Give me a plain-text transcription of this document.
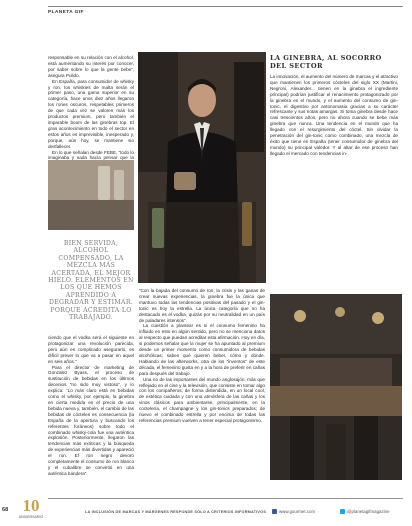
PLANETA GIF

responsable en su relación con el alcohol, está aumentando su interés por conocer, por saber sobre lo que la gente bebe”, asegura Pulido.

En España, para consumidor de whisky y ron, los whiskies de malta serán el primer paso, una gama superior en su categoría, hace unos diez años llegaron los rones oscuros, respetables primeros de que cada vez se valoren más los productos premium, pero también el imparable boom de las ginebras top. El gran acontecimiento en todo el sector en estos años es imprevisible, inesperado y, porque, aún hoy, se mantiene sin desfallecer.

En lo que señalan desde FEBE, “todo lo imaginaba y nada hacía pensar que la

BIEN SERVIDA, ALCOHOL COMPENSADO, LA MEZCLA MÁS ACERTADA, EL MEJOR HIELO. ELEMENTOS EN LOS QUE HEMOS APRENDIDO A DEGRADAR Y ESTIMAR. PORQUE ACREDITA LO TRABAJADO.

ciendo que el vodka será el siguiente en protagonizar una revolución parecida, pero aún es complicado asegurarlo, es difícil prever lo que va a pasar en aquel en seis años.”

Para el director de marketing de Gonzalez Byass, el proceso de sustitución de bebidas en los últimos decenios “no sido muy vistoso”, y lo explica: “Lo más claro está en bebidas como el whisky, por ejemplo, la ginebra en cierta medida en el precio de una bebida nueva y, también, el cambio de las bebidas de cócteles es consecuencia (la España de la apertura y buscando los referentes foráneos) sobre todo el combinado whisky-cola fue una auténtica explosión. Posteriormente, llegaron las tendencias más exóticas y la búsqueda de experiencias más divertidas y apareció el ron. El ron negro devoró completamente el consumo de ron blanco y el cubalibre se convirtió en una auténtica bandera”.

“Con la bajada del consumo de ron, la crisis y las ganas de crear nuevas experiencias, la ginebra fue la única que mantuvo todas las tendencias positivas del pasado y el gin-tonic es hoy la estrella. La única categoría que no ha destacado es el vodka, quizás por su neutralidad en un país de paladares intensos”.

La cuestión a plantear es si el consumo femenino ha influido en esto en algún sentido, pero no se menciona datos al respecto que puedan acreditar esta afirmación. Hoy en día, si podemos señalar que la mujer se ha apuntado al premium desde un primer momento como consumidora de bebidas alcohólicas; saben qué quieren beber, cómo y dónde. Hablando de las afterworks, otra de los “inventos” de este década, el femenino gusta en y a la hora de preferir en cañas para después del trabajo.

Una no de las importantes del mundo anglosajón, más que reflejado en el cine y la televisión, que consiste en tomar algo con los compañeros, de forma distendida, en un local cool, de estética cuidada y con una atmósfera de las cañas y los vinos clásicos para ambientarse, principalmente, en la coctelería, el champagne y los gin-tonics preparados; de nuevo el combinado estrella y por encima de todas las referencias premium vuelven a tener especial protagonismo.

LA GINEBRA, AL SOCORRO DEL SECTOR

La innovación, el aumento del número de marcas y el atractivo que mantienen los primeros cócteles del siglo XX (Martini, Negroni, Alexander... tienen en la ginebra el ingrediente principal) podrían justificar el renacimiento protagonizado por la ginebra en el mundo, y el aumento del consumo de gin-tonic, el digestivo por antonomasia gracias a su carácter refrescante y sus notas amargas. Si toma ginebra desde hace casi trescientos años, pero no ahora cuando se bebe más ginebra que nunca. Una tendencia en el mundo que ha llegado con el resurgimiento del cóctel. Sin olvidar la penetración del gin-tonic como combinado, una mezcla de éxito que tiene en España (tener consumidor de ginebra del mundo) su principal valedor. Y al altar de ese proceso han llegado el mercado con tendencias in-

68 10
ANIVERSARIO
LA INCLUSIÓN DE MARCAS Y MÁRGENES RESPONDE SÓLO A CRITERIOS INFORMATIVOS	www.gourmet.com	@planetagifmagazine
